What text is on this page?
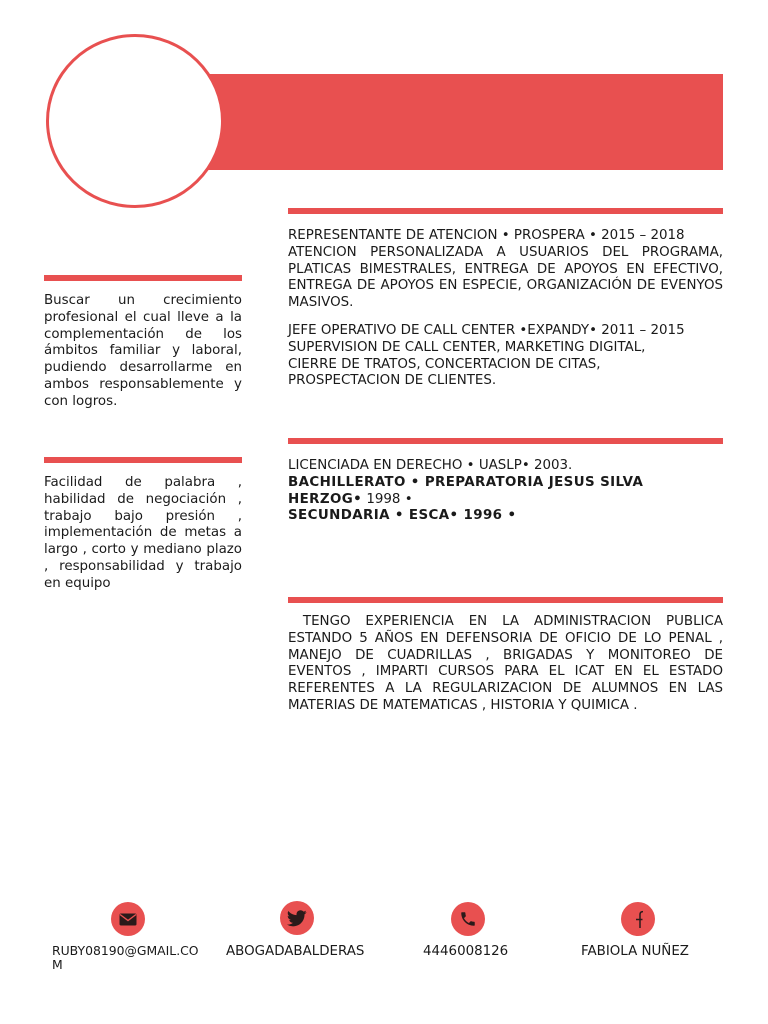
Buscar un crecimiento profesional el cual lleve a la complementación de los ámbitos familiar y laboral, pudiendo desarrollarme en ambos responsablemente y con logros.

Facilidad de palabra , habilidad de negociación , trabajo bajo presión , implementación de metas a largo , corto y mediano plazo , responsabilidad y trabajo en equipo

REPRESENTANTE DE ATENCION • PROSPERA • 2015 – 2018
ATENCION PERSONALIZADA A USUARIOS DEL PROGRAMA, PLATICAS BIMESTRALES, ENTREGA DE APOYOS EN EFECTIVO, ENTREGA DE APOYOS EN ESPECIE, ORGANIZACIÓN DE EVENYOS MASIVOS.
JEFE OPERATIVO DE CALL CENTER •EXPANDY• 2011 – 2015
SUPERVISION DE CALL CENTER, MARKETING DIGITAL,
CIERRE DE TRATOS, CONCERTACION DE CITAS,
PROSPECTACION DE CLIENTES.
LICENCIADA EN DERECHO • UASLP• 2003.
BACHILLERATO • PREPARATORIA JESUS SILVA
HERZOG• 1998 •
SECUNDARIA • ESCA• 1996 •

TENGO EXPERIENCIA EN LA ADMINISTRACION PUBLICA ESTANDO 5 AÑOS EN DEFENSORIA DE OFICIO DE LO PENAL , MANEJO DE CUADRILLAS , BRIGADAS Y MONITOREO DE EVENTOS , IMPARTI CURSOS PARA EL ICAT EN EL ESTADO REFERENTES A LA REGULARIZACION DE ALUMNOS EN LAS MATERIAS DE MATEMATICAS , HISTORIA Y QUIMICA .

RUBY08190@GMAIL.COM
ABOGADABALDERAS	4446008126	FABIOLA NUÑEZ
